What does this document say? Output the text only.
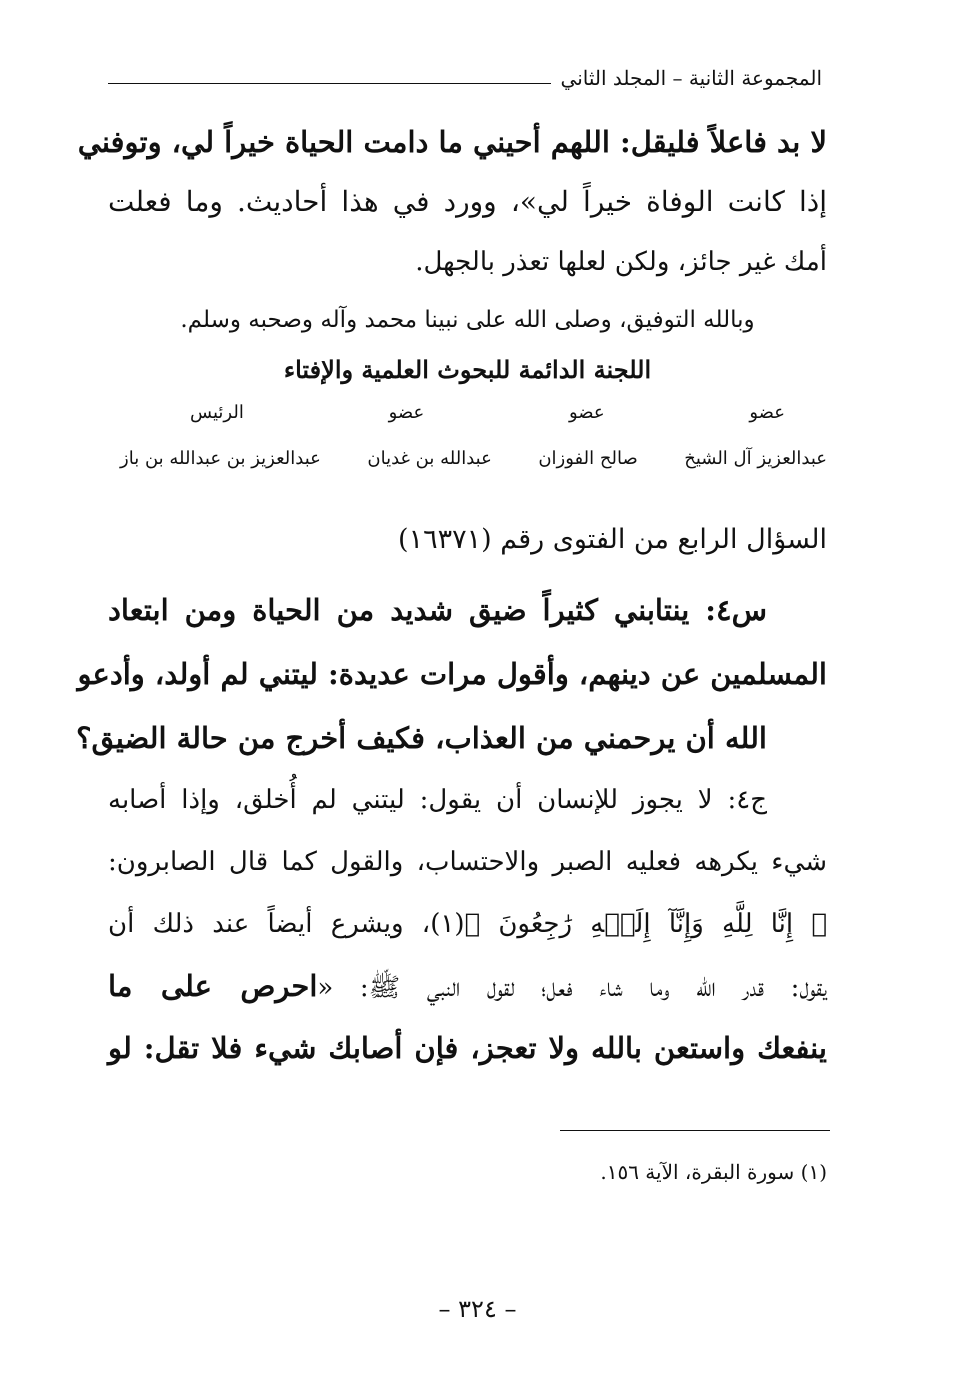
المجموعة الثانية – المجلد الثاني
لا بد فاعلاً فليقل: اللهم أحيني ما دامت الحياة خيراً لي، وتوفني
إذا كانت الوفاة خيراً لي»، وورد في هذا أحاديث. وما فعلت
أمك غير جائز، ولكن لعلها تعذر بالجهل.
وبالله التوفيق، وصلى الله على نبينا محمد وآله وصحبه وسلم.
اللجنة الدائمة للبحوث العلمية والإفتاء
عضو
عضو
عضو
الرئيس
عبدالعزيز آل الشيخ
صالح الفوزان
عبدالله بن غديان
عبدالعزيز بن عبدالله بن باز
السؤال الرابع من الفتوى رقم (١٦٣٧١)
س٤: ينتابني كثيراً ضيق شديد من الحياة ومن ابتعاد
المسلمين عن دينهم، وأقول مرات عديدة: ليتني لم أولد، وأدعو
الله أن يرحمني من العذاب، فكيف أخرج من حالة الضيق؟
ج٤: لا يجوز للإنسان أن يقول: ليتني لم أُخلق، وإذا أصابه
شيء يكرهه فعليه الصبر والاحتساب، والقول كما قال الصابرون:
﴿ إِنَّا لِلَّهِ وَإِنَّآ إِلَيۡهِ رَٰجِعُونَ ﴾(١)، ويشرع أيضاً عند ذلك أن
يقول: قدر الله وما شاء فعل؛ لقول النبي ﷺ: «احرص على ما
ينفعك واستعن بالله ولا تعجز، فإن أصابك شيء فلا تقل: لو
(١) سورة البقرة، الآية ١٥٦.
– ٣٢٤ –
